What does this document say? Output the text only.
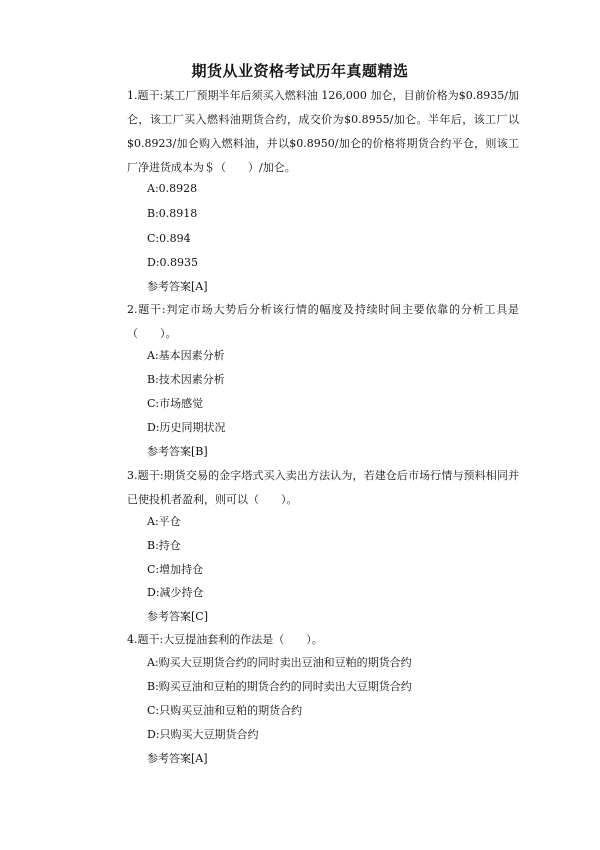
期货从业资格考试历年真题精选

1.题干:某工厂预期半年后须买入燃料油 126,000 加仑，目前价格为$0.8935/加仑，该工厂买入燃料油期货合约，成交价为$0.8955/加仑。半年后，该工厂以$0.8923/加仑购入燃料油，并以$0.8950/加仑的价格将期货合约平仓，则该工厂净进货成本为＄（　　）/加仑。

A:0.8928

B:0.8918

C:0.894

D:0.8935

参考答案[A]

2.题干:判定市场大势后分析该行情的幅度及持续时间主要依靠的分析工具是（　　）。

A:基本因素分析

B:技术因素分析

C:市场感觉

D:历史同期状况

参考答案[B]

3.题干:期货交易的金字塔式买入卖出方法认为，若建仓后市场行情与预料相同并已使投机者盈利，则可以（　　）。

A:平仓

B:持仓

C:增加持仓

D:减少持仓

参考答案[C]

4.题干:大豆提油套利的作法是（　　）。

A:购买大豆期货合约的同时卖出豆油和豆粕的期货合约

B:购买豆油和豆粕的期货合约的同时卖出大豆期货合约

C:只购买豆油和豆粕的期货合约

D:只购买大豆期货合约

参考答案[A]
